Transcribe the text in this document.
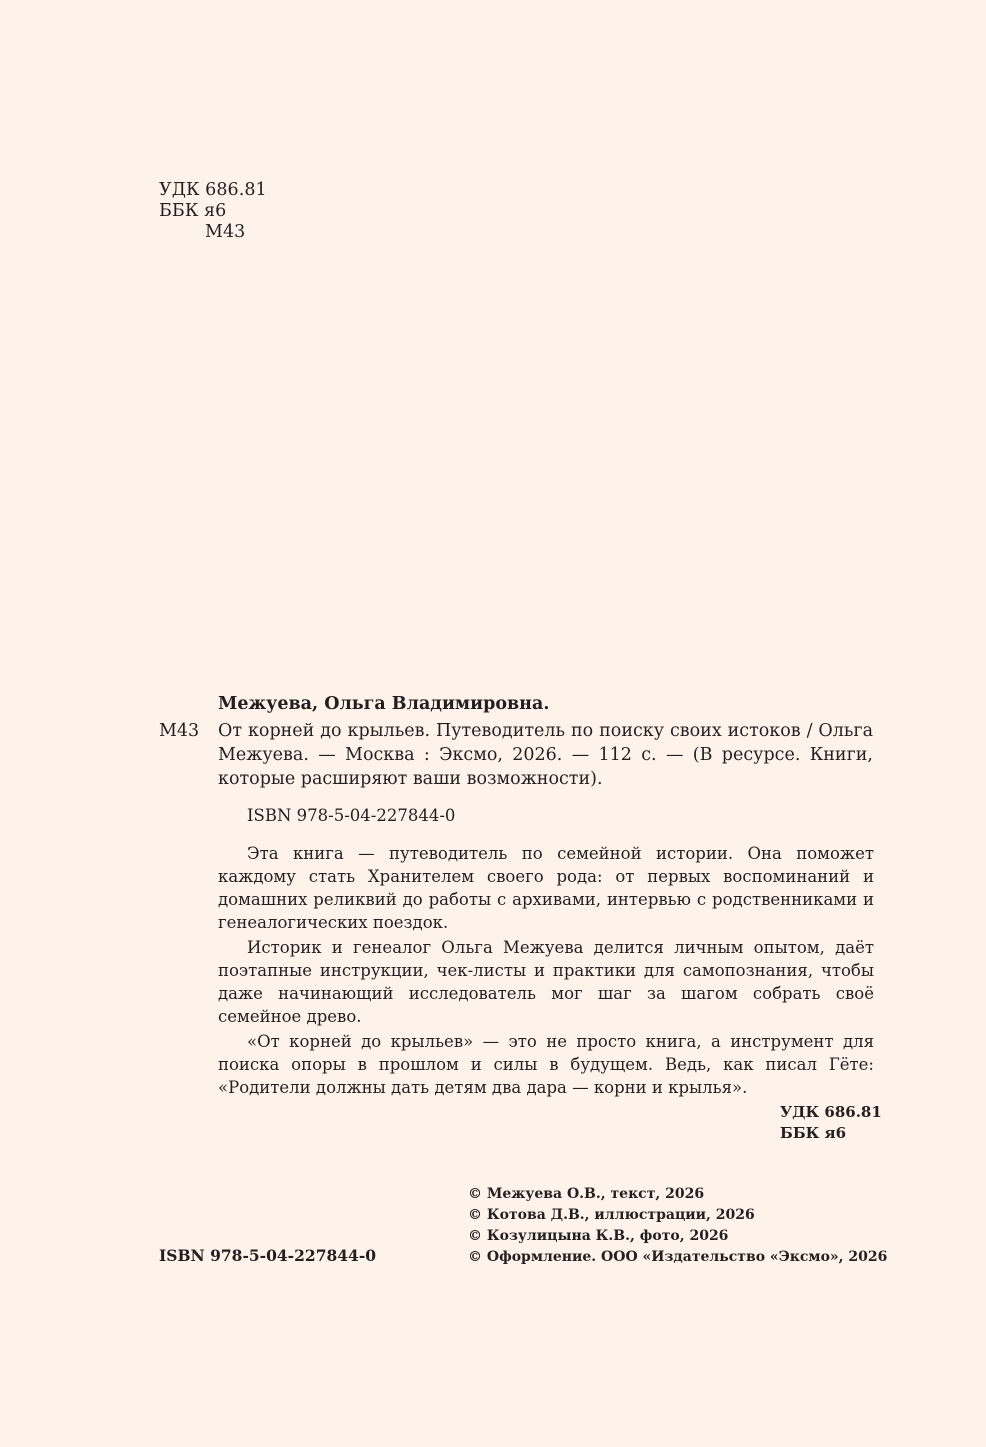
УДК 686.81
ББК я6
М43
Межуева, Ольга Владимировна.
М43 От корней до крыльев. Путеводитель по поиску своих истоков / Ольга Межуева. — Москва : Эксмо, 2026. — 112 с. — (В ресурсе. Книги, которые расширяют ваши возможности).
ISBN 978-5-04-227844-0

Эта книга — путеводитель по семейной истории. Она поможет каждому стать Хранителем своего рода: от первых воспоминаний и домашних реликвий до работы с архивами, интервью с родственниками и генеалогических поездок.

Историк и генеалог Ольга Межуева делится личным опытом, даёт поэтапные инструкции, чек-листы и практики для самопознания, чтобы даже начинающий исследователь мог шаг за шагом собрать своё семейное древо.

«От корней до крыльев» — это не просто книга, а инструмент для поиска опоры в прошлом и силы в будущем. Ведь, как писал Гёте: «Родители должны дать детям два дара — корни и крылья».

УДК 686.81
ББК я6
ISBN 978-5-04-227844-0
© Межуева О.В., текст, 2026
© Котова Д.В., иллюстрации, 2026
© Козулицына К.В., фото, 2026
© Оформление. ООО «Издательство «Эксмо», 2026
